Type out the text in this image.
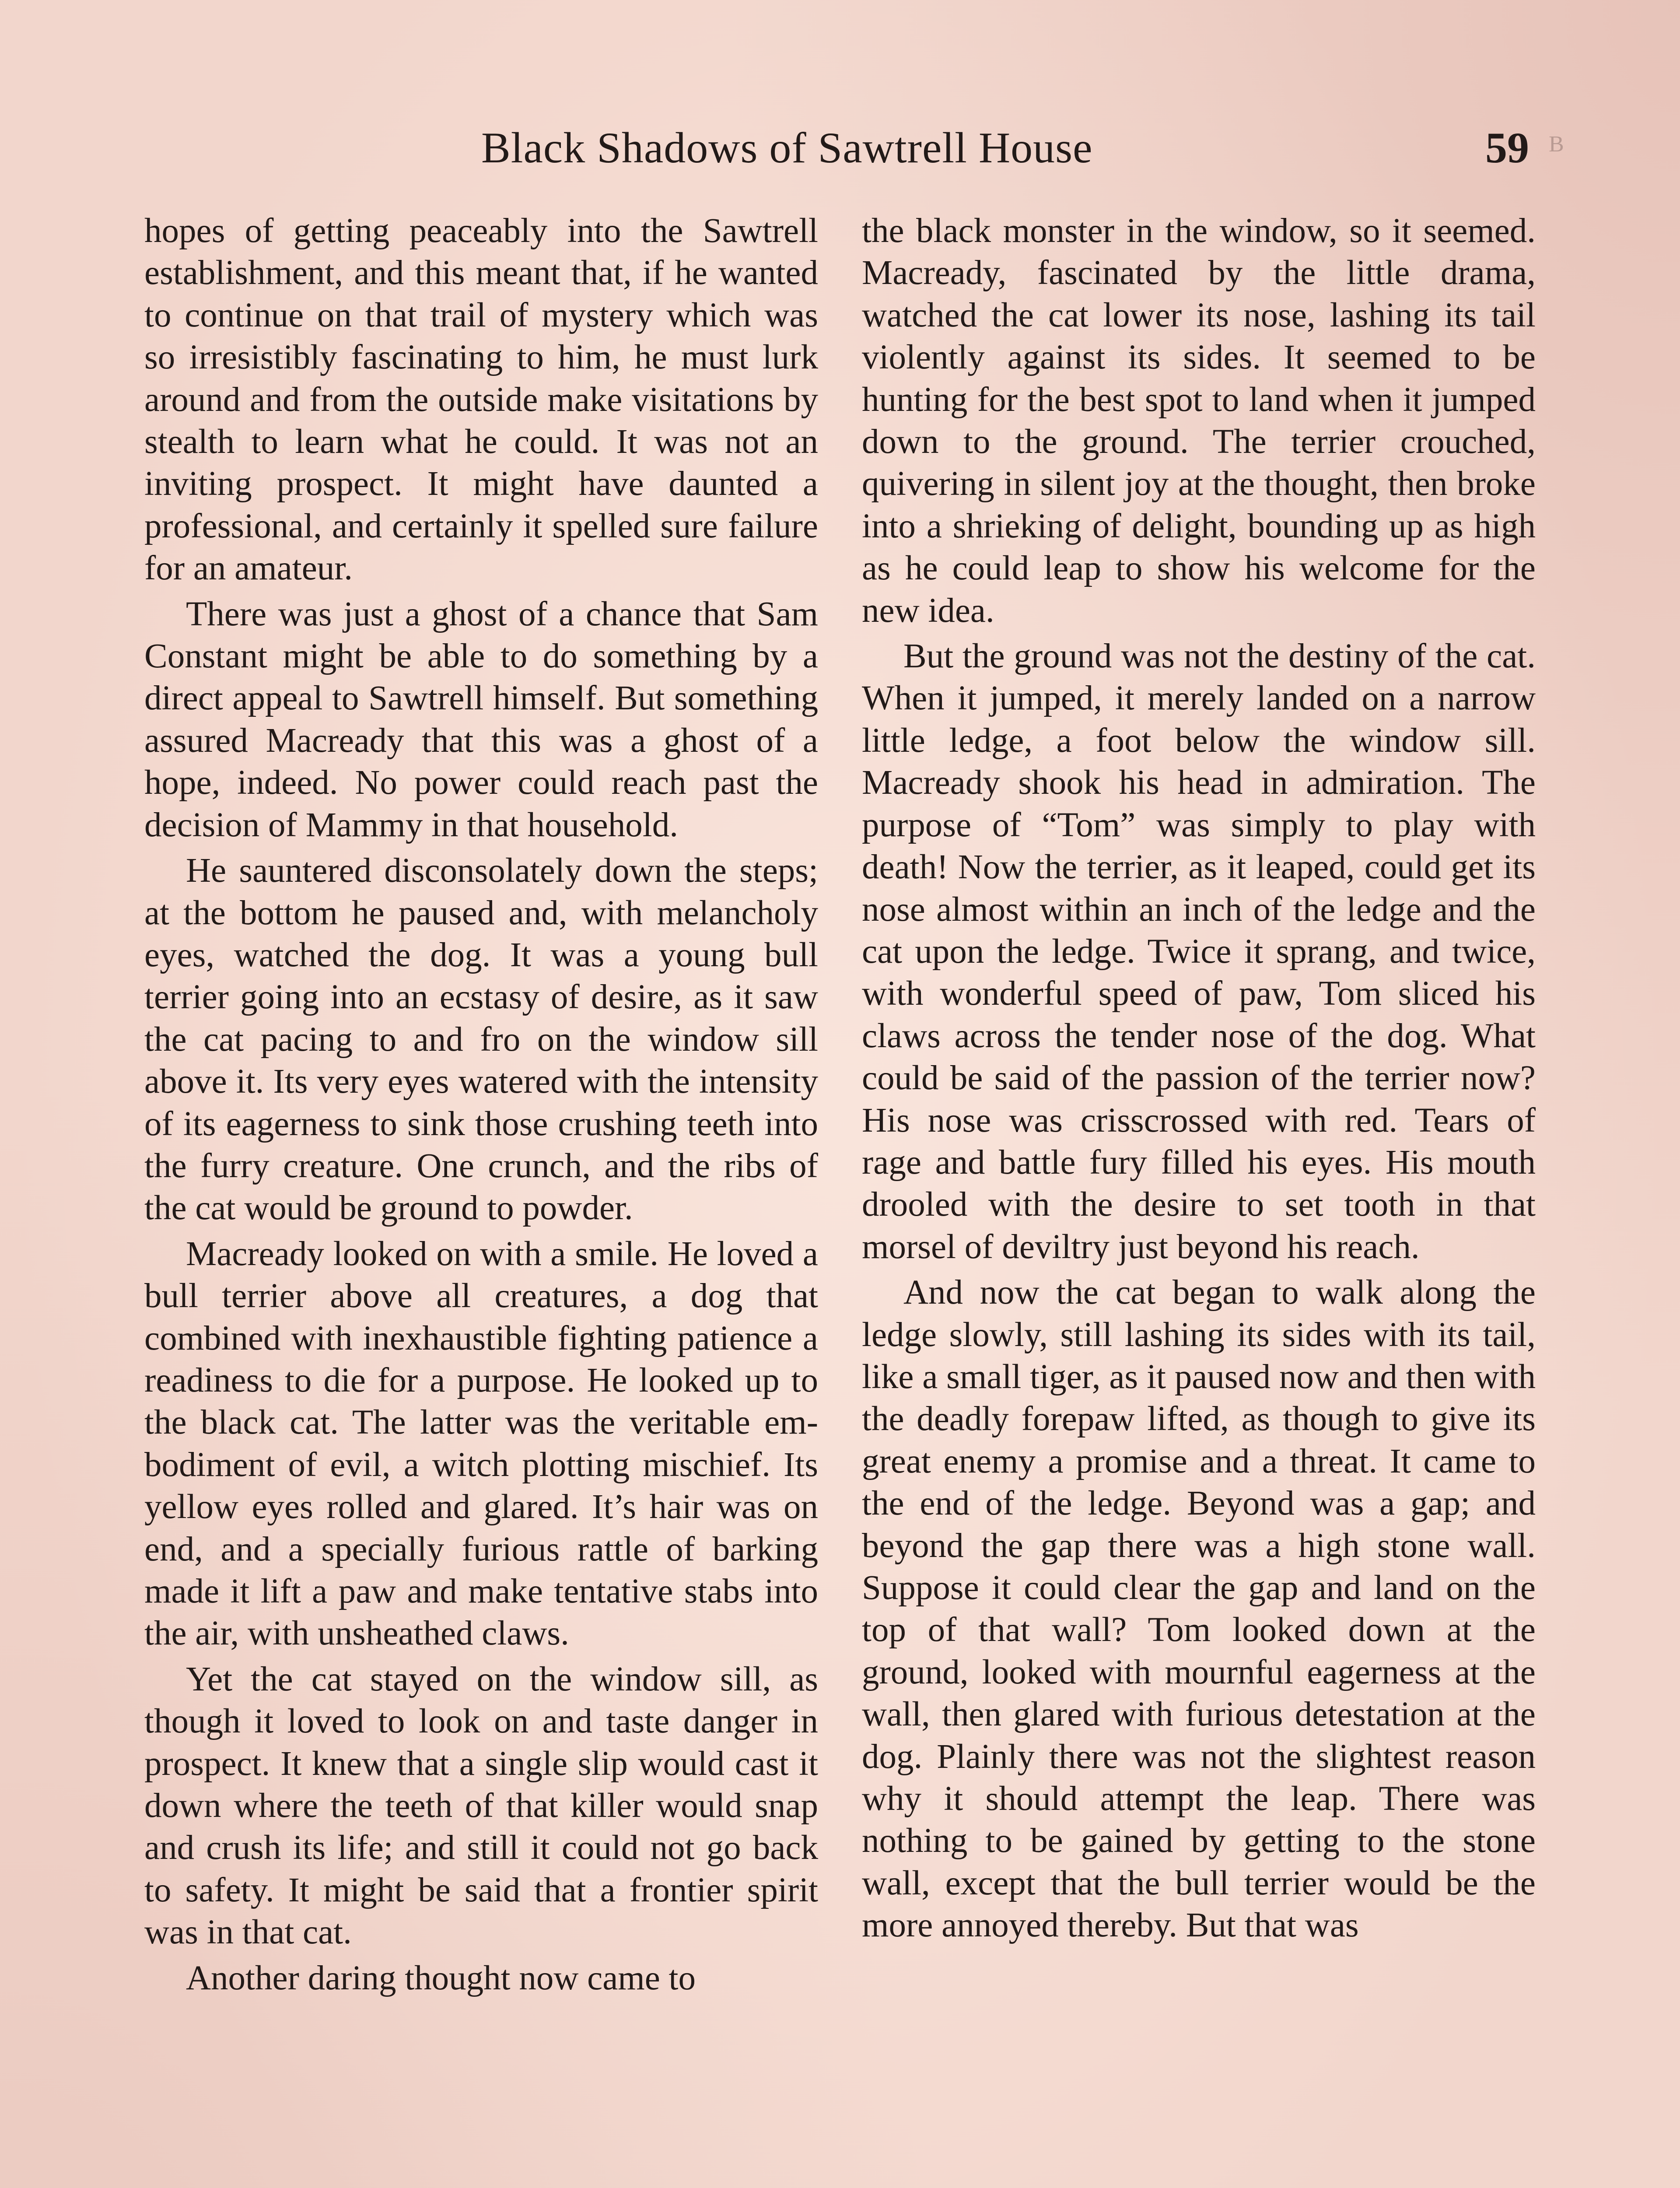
Black Shadows of Sawtrell House	59 B

hopes of getting peaceably into the Sawtrell establishment, and this meant that, if he wanted to continue on that trail of mystery which was so irresistibly fascinating to him, he must lurk around and from the outside make visitations by stealth to learn what he could. It was not an inviting prospect. It might have daunted a professional, and certainly it spelled sure failure for an amateur.

There was just a ghost of a chance that Sam Constant might be able to do something by a direct appeal to Sawtrell himself. But something assured Macready that this was a ghost of a hope, indeed. No power could reach past the decision of Mammy in that household.

He sauntered disconsolately down the steps; at the bottom he paused and, with melancholy eyes, watched the dog. It was a young bull terrier going into an ecstasy of desire, as it saw the cat pacing to and fro on the window sill above it. Its very eyes watered with the intensity of its eagerness to sink those crushing teeth into the furry creature. One crunch, and the ribs of the cat would be ground to powder.

Macready looked on with a smile. He loved a bull terrier above all creatures, a dog that combined with inexhaustible fighting patience a readiness to die for a purpose. He looked up to the black cat. The latter was the veritable embodiment of evil, a witch plotting mischief. Its yellow eyes rolled and glared. It’s hair was on end, and a specially furious rattle of barking made it lift a paw and make tentative stabs into the air, with unsheathed claws.

Yet the cat stayed on the window sill, as though it loved to look on and taste danger in prospect. It knew that a single slip would cast it down where the teeth of that killer would snap and crush its life; and still it could not go back to safety. It might be said that a frontier spirit was in that cat.

Another daring thought now came to

the black monster in the window, so it seemed. Macready, fascinated by the little drama, watched the cat lower its nose, lashing its tail violently against its sides. It seemed to be hunting for the best spot to land when it jumped down to the ground. The terrier crouched, quivering in silent joy at the thought, then broke into a shrieking of delight, bounding up as high as he could leap to show his welcome for the new idea.

But the ground was not the destiny of the cat. When it jumped, it merely landed on a narrow little ledge, a foot below the window sill. Macready shook his head in admiration. The purpose of “Tom” was simply to play with death! Now the terrier, as it leaped, could get its nose almost within an inch of the ledge and the cat upon the ledge. Twice it sprang, and twice, with wonderful speed of paw, Tom sliced his claws across the tender nose of the dog. What could be said of the passion of the terrier now? His nose was crisscrossed with red. Tears of rage and battle fury filled his eyes. His mouth drooled with the desire to set tooth in that morsel of deviltry just beyond his reach.

And now the cat began to walk along the ledge slowly, still lashing its sides with its tail, like a small tiger, as it paused now and then with the deadly forepaw lifted, as though to give its great enemy a promise and a threat. It came to the end of the ledge. Beyond was a gap; and beyond the gap there was a high stone wall. Suppose it could clear the gap and land on the top of that wall? Tom looked down at the ground, looked with mournful eagerness at the wall, then glared with furious detestation at the dog. Plainly there was not the slightest reason why it should attempt the leap. There was nothing to be gained by getting to the stone wall, except that the bull terrier would be the more annoyed thereby. But that was
